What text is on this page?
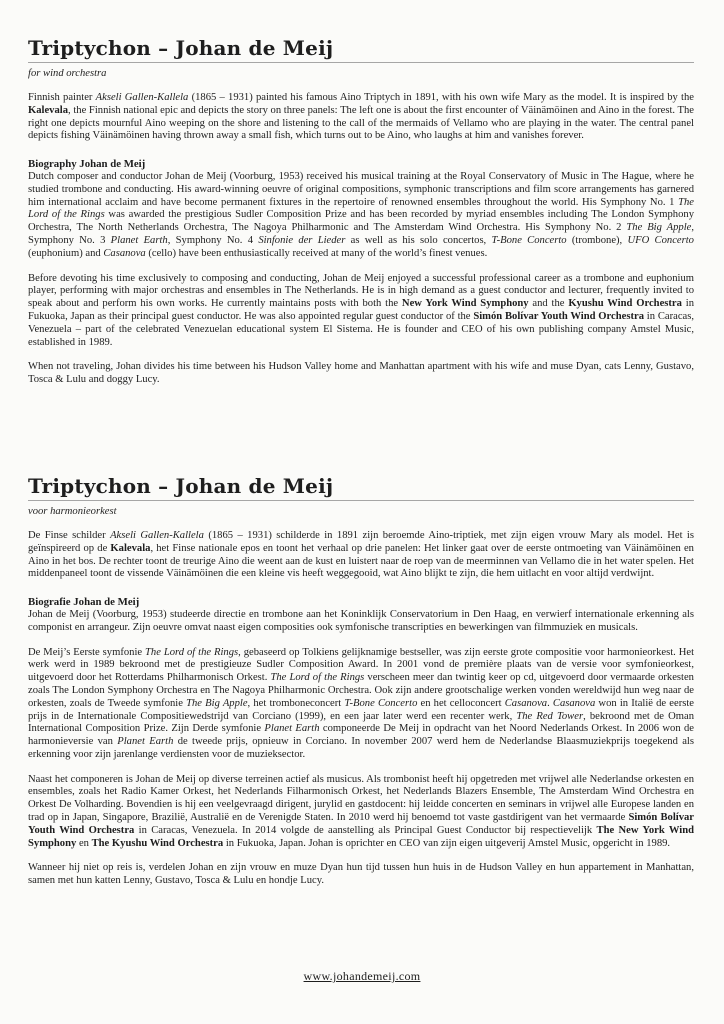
Triptychon – Johan de Meij
for wind orchestra

Finnish painter Akseli Gallen-Kallela (1865 – 1931) painted his famous Aino Triptych in 1891, with his own wife Mary as the model. It is inspired by the Kalevala, the Finnish national epic and depicts the story on three panels: The left one is about the first encounter of Väinämöinen and Aino in the forest. The right one depicts mournful Aino weeping on the shore and listening to the call of the mermaids of Vellamo who are playing in the water. The central panel depicts fishing Väinämöinen having thrown away a small fish, which turns out to be Aino, who laughs at him and vanishes forever.

Biography Johan de Meij

Dutch composer and conductor Johan de Meij (Voorburg, 1953) received his musical training at the Royal Conservatory of Music in The Hague, where he studied trombone and conducting. His award-winning oeuvre of original compositions, symphonic transcriptions and film score arrangements has garnered him international acclaim and have become permanent fixtures in the repertoire of renowned ensembles throughout the world. His Symphony No. 1 The Lord of the Rings was awarded the prestigious Sudler Composition Prize and has been recorded by myriad ensembles including The London Symphony Orchestra, The North Netherlands Orchestra, The Nagoya Philharmonic and The Amsterdam Wind Orchestra. His Symphony No. 2 The Big Apple, Symphony No. 3 Planet Earth, Symphony No. 4 Sinfonie der Lieder as well as his solo concertos, T-Bone Concerto (trombone), UFO Concerto (euphonium) and Casanova (cello) have been enthusiastically received at many of the world’s finest venues.

Before devoting his time exclusively to composing and conducting, Johan de Meij enjoyed a successful professional career as a trombone and euphonium player, performing with major orchestras and ensembles in The Netherlands. He is in high demand as a guest conductor and lecturer, frequently invited to speak about and perform his own works. He currently maintains posts with both the New York Wind Symphony and the Kyushu Wind Orchestra in Fukuoka, Japan as their principal guest conductor. He was also appointed regular guest conductor of the Simón Bolívar Youth Wind Orchestra in Caracas, Venezuela – part of the celebrated Venezuelan educational system El Sistema. He is founder and CEO of his own publishing company Amstel Music, established in 1989.

When not traveling, Johan divides his time between his Hudson Valley home and Manhattan apartment with his wife and muse Dyan, cats Lenny, Gustavo, Tosca & Lulu and doggy Lucy.

Triptychon – Johan de Meij
voor harmonieorkest

De Finse schilder Akseli Gallen-Kallela (1865 – 1931) schilderde in 1891 zijn beroemde Aino-triptiek, met zijn eigen vrouw Mary als model. Het is geïnspireerd op de Kalevala, het Finse nationale epos en toont het verhaal op drie panelen: Het linker gaat over de eerste ontmoeting van Väinämöinen en Aino in het bos. De rechter toont de treurige Aino die weent aan de kust en luistert naar de roep van de meerminnen van Vellamo die in het water spelen. Het middenpaneel toont de vissende Väinämöinen die een kleine vis heeft weggegooid, wat Aino blijkt te zijn, die hem uitlacht en voor altijd verdwijnt.

Biografie Johan de Meij

Johan de Meij (Voorburg, 1953) studeerde directie en trombone aan het Koninklijk Conservatorium in Den Haag, en verwierf internationale erkenning als componist en arrangeur. Zijn oeuvre omvat naast eigen composities ook symfonische transcripties en bewerkingen van filmmuziek en musicals.

De Meij’s Eerste symfonie The Lord of the Rings, gebaseerd op Tolkiens gelijknamige bestseller, was zijn eerste grote compositie voor harmonieorkest. Het werk werd in 1989 bekroond met de prestigieuze Sudler Composition Award. In 2001 vond de première plaats van de versie voor symfonieorkest, uitgevoerd door het Rotterdams Philharmonisch Orkest. The Lord of the Rings verscheen meer dan twintig keer op cd, uitgevoerd door vermaarde orkesten zoals The London Symphony Orchestra en The Nagoya Philharmonic Orchestra. Ook zijn andere grootschalige werken vonden wereldwijd hun weg naar de orkesten, zoals de Tweede symfonie The Big Apple, het tromboneconcert T-Bone Concerto en het celloconcert Casanova. Casanova won in Italië de eerste prijs in de Internationale Compositiewedstrijd van Corciano (1999), en een jaar later werd een recenter werk, The Red Tower, bekroond met de Oman International Composition Prize. Zijn Derde symfonie Planet Earth componeerde De Meij in opdracht van het Noord Nederlands Orkest. In 2006 won de harmonieversie van Planet Earth de tweede prijs, opnieuw in Corciano. In november 2007 werd hem de Nederlandse Blaasmuziekprijs toegekend als erkenning voor zijn jarenlange verdiensten voor de muzieksector.

Naast het componeren is Johan de Meij op diverse terreinen actief als musicus. Als trombonist heeft hij opgetreden met vrijwel alle Nederlandse orkesten en ensembles, zoals het Radio Kamer Orkest, het Nederlands Filharmonisch Orkest, het Nederlands Blazers Ensemble, The Amsterdam Wind Orchestra en Orkest De Volharding. Bovendien is hij een veelgevraagd dirigent, jurylid en gastdocent: hij leidde concerten en seminars in vrijwel alle Europese landen en trad op in Japan, Singapore, Brazilië, Australië en de Verenigde Staten. In 2010 werd hij benoemd tot vaste gastdirigent van het vermaarde Simón Bolívar Youth Wind Orchestra in Caracas, Venezuela. In 2014 volgde de aanstelling als Principal Guest Conductor bij respectievelijk The New York Wind Symphony en The Kyushu Wind Orchestra in Fukuoka, Japan. Johan is oprichter en CEO van zijn eigen uitgeverij Amstel Music, opgericht in 1989.

Wanneer hij niet op reis is, verdelen Johan en zijn vrouw en muze Dyan hun tijd tussen hun huis in de Hudson Valley en hun appartement in Manhattan, samen met hun katten Lenny, Gustavo, Tosca & Lulu en hondje Lucy.

www.johandemeij.com
